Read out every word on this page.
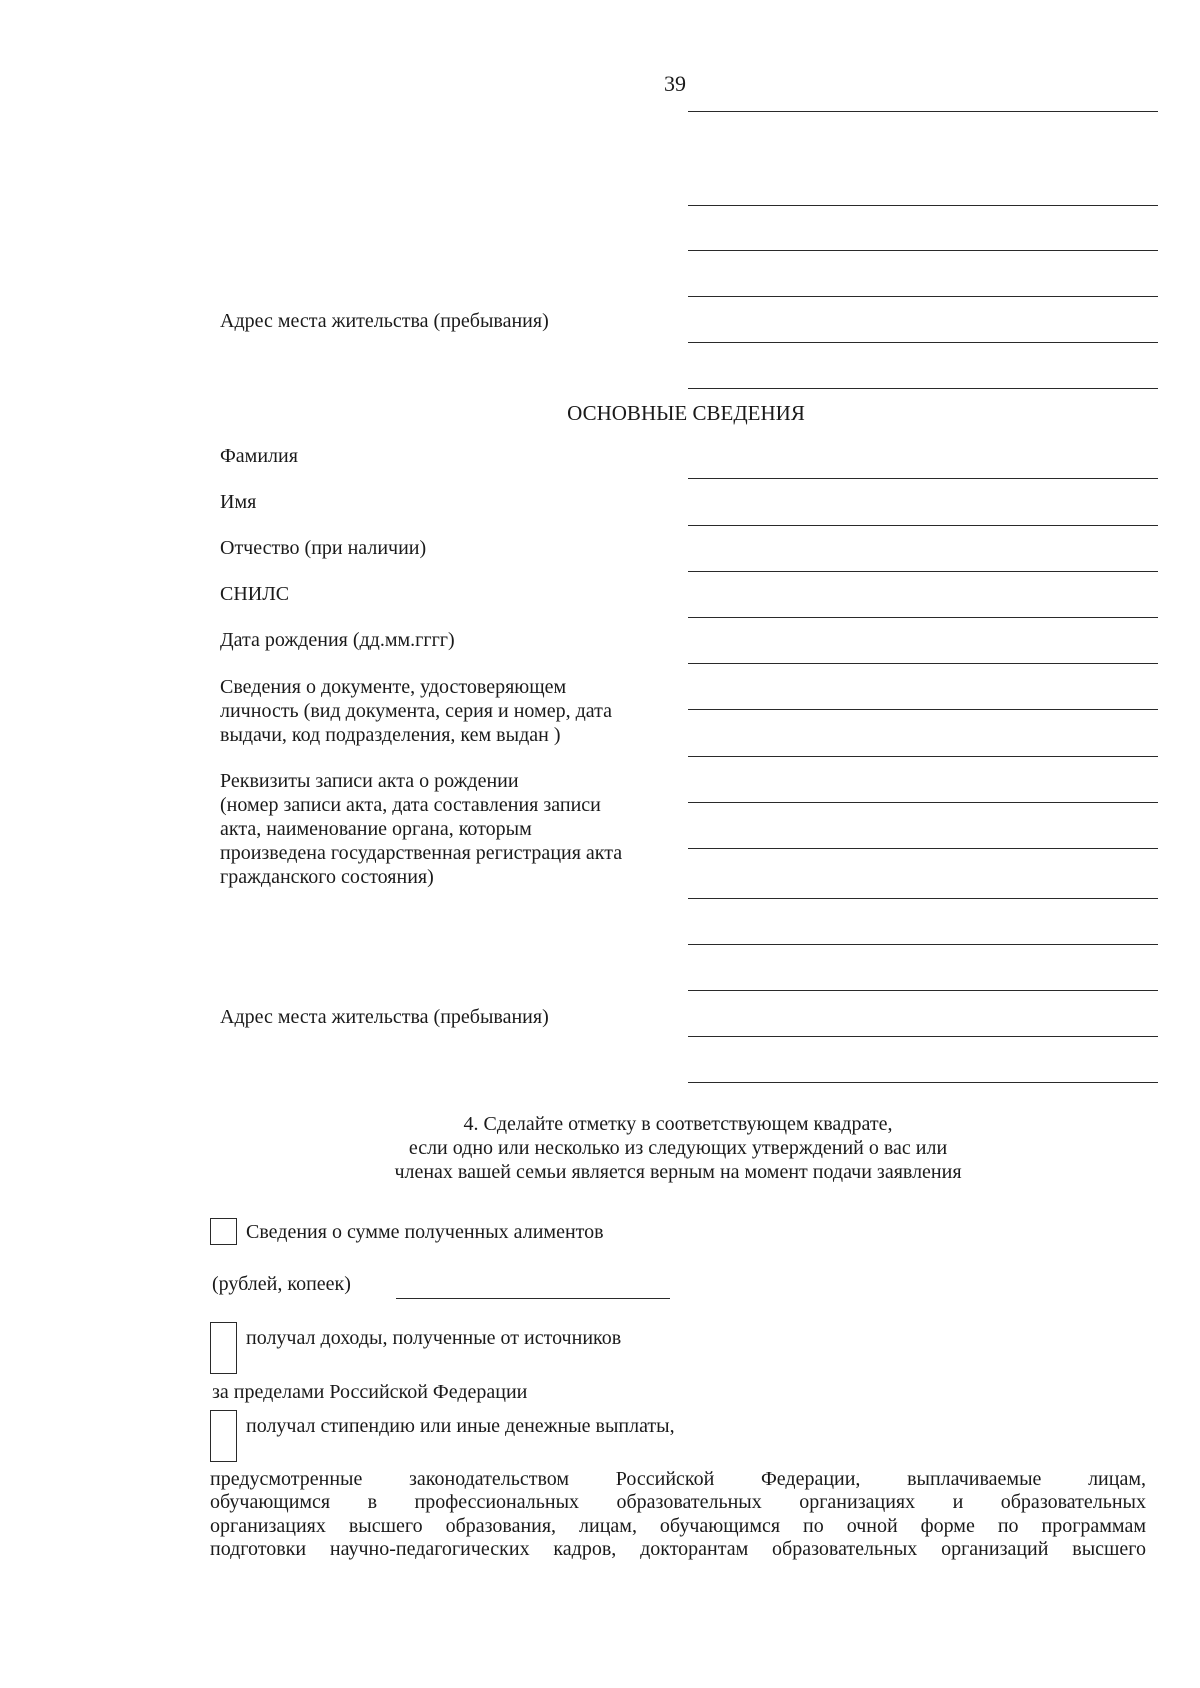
39
Адрес места жительства (пребывания)
ОСНОВНЫЕ СВЕДЕНИЯ
Фамилия
Имя
Отчество (при наличии)
СНИЛС
Дата рождения (дд.мм.гггг)
Сведения о документе, удостоверяющем
личность (вид документа, серия и номер, дата
выдачи, код подразделения, кем выдан )
Реквизиты записи акта о рождении
(номер записи акта, дата составления записи
акта, наименование органа, которым
произведена государственная регистрация акта
гражданского состояния)
Адрес места жительства (пребывания)
4. Сделайте отметку в соответствующем квадрате,
если одно или несколько из следующих утверждений о вас или
членах вашей семьи является верным на момент подачи заявления
Сведения о сумме полученных алиментов
(рублей, копеек)
получал доходы, полученные от источников
за пределами Российской Федерации
получал стипендию или иные денежные выплаты,
предусмотренные законодательством Российской Федерации, выплачиваемые лицам,
обучающимся в профессиональных образовательных организациях и образовательных
организациях высшего образования, лицам, обучающимся по очной форме по программам
подготовки научно-педагогических кадров, докторантам образовательных организаций высшего
